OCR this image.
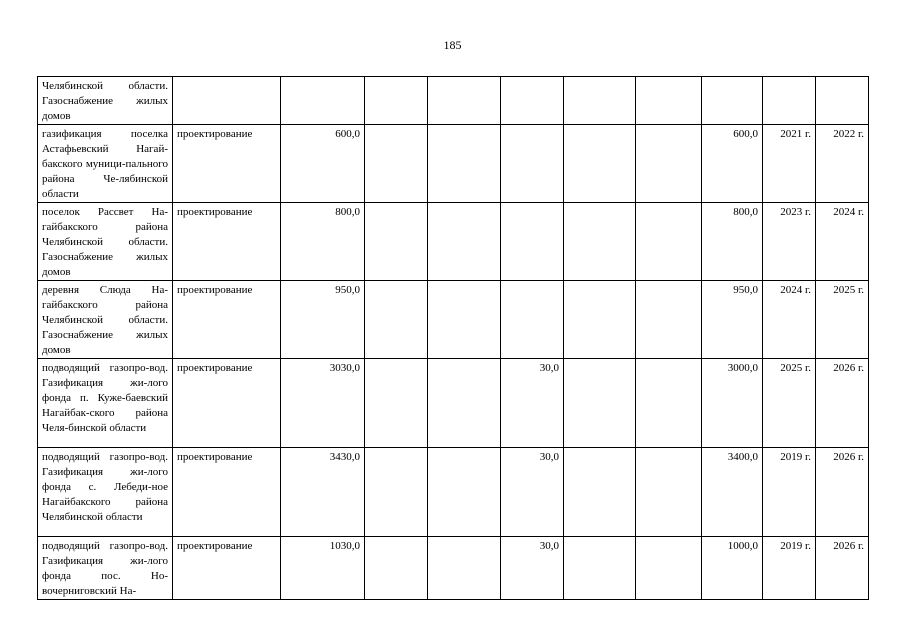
185
Челябинской области. Газоснабжение жилых домов										
газификация поселка Астафьевский Нагай-бакского муници-пального района Че-лябинской области	проектирование	600,0						600,0	2021 г.	2022 г.
поселок Рассвет На-гайбакского района Челябинской области. Газоснабжение жилых домов	проектирование	800,0						800,0	2023 г.	2024 г.
деревня Слюда На-гайбакского района Челябинской области. Газоснабжение жилых домов	проектирование	950,0						950,0	2024 г.	2025 г.
подводящий газопро-вод. Газификация жи-лого фонда п. Куже-баевский Нагайбак-ского района Челя-бинской области	проектирование	3030,0			30,0			3000,0	2025 г.	2026 г.
подводящий газопро-вод. Газификация жи-лого фонда с. Лебеди-ное Нагайбакского района Челябинской области	проектирование	3430,0			30,0			3400,0	2019 г.	2026 г.
подводящий газопро-вод. Газификация жи-лого фонда пос. Но-вочерниговский На-	проектирование	1030,0			30,0			1000,0	2019 г.	2026 г.
